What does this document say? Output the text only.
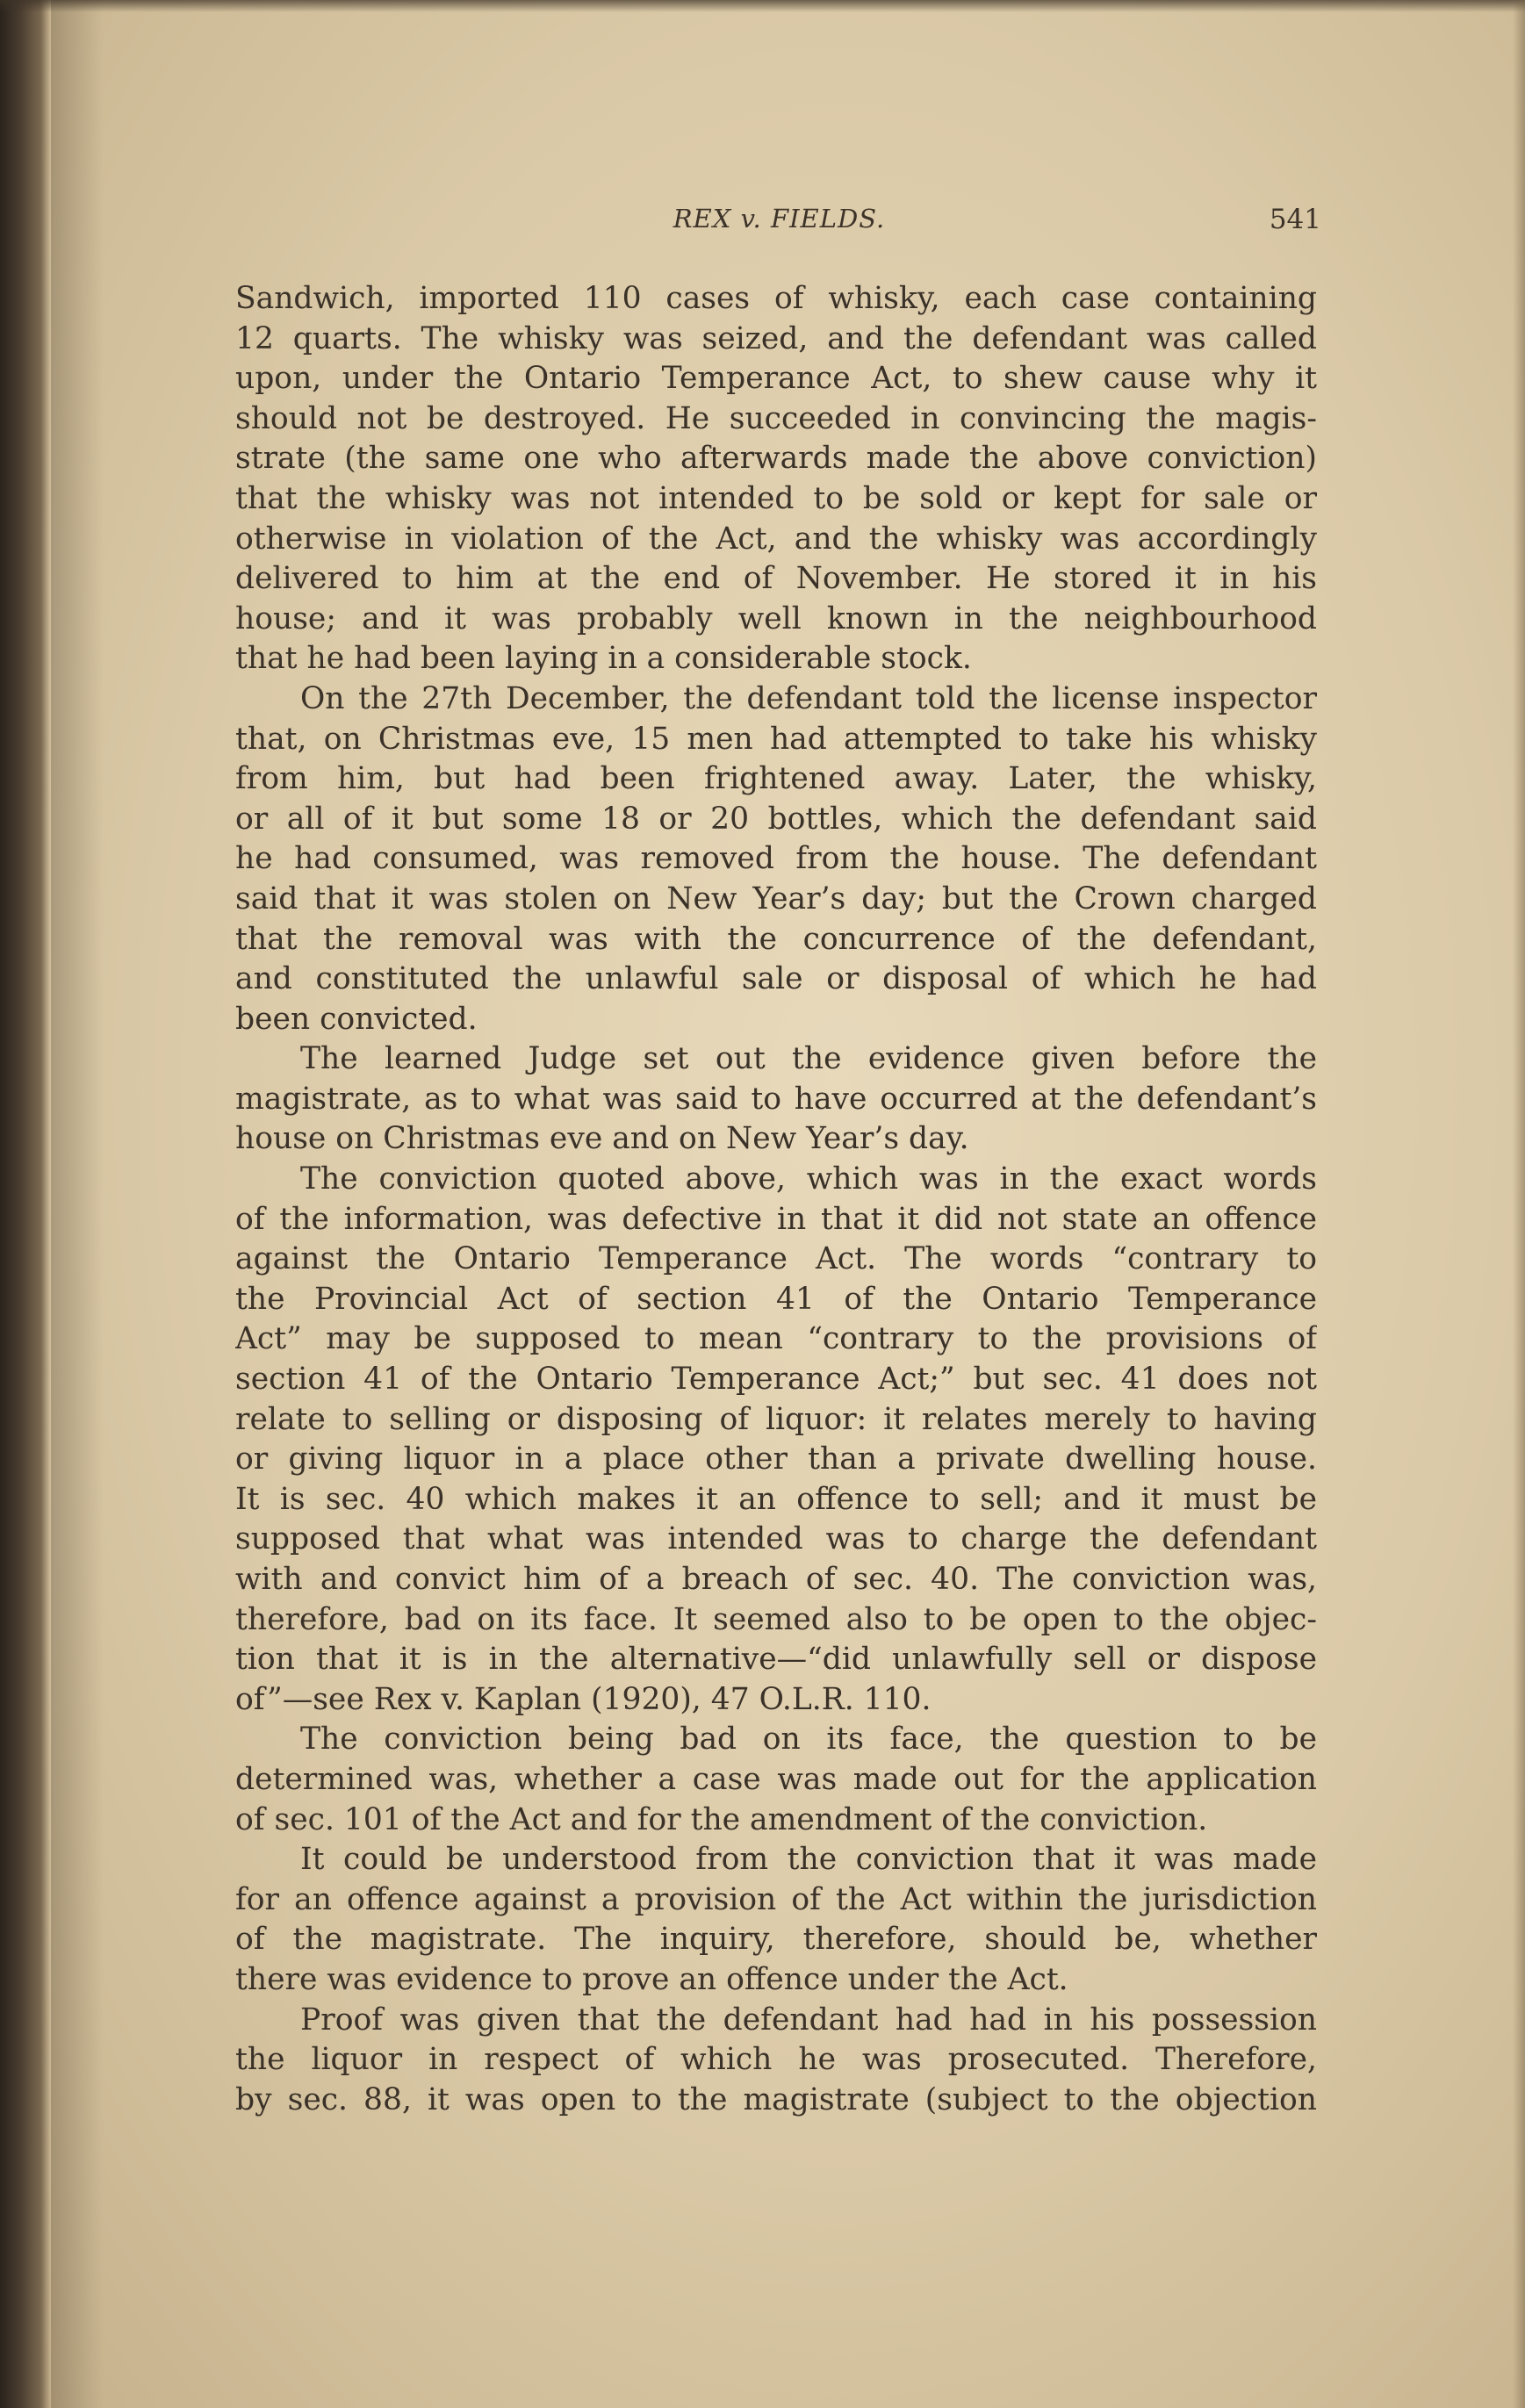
REX v. FIELDS.	541
Sandwich, imported 110 cases of whisky, each case containing
12 quarts. The whisky was seized, and the defendant was called
upon, under the Ontario Temperance Act, to shew cause why it
should not be destroyed. He succeeded in convincing the magis-
strate (the same one who afterwards made the above conviction)
that the whisky was not intended to be sold or kept for sale or
otherwise in violation of the Act, and the whisky was accordingly
delivered to him at the end of November. He stored it in his
house; and it was probably well known in the neighbourhood
that he had been laying in a considerable stock.
On the 27th December, the defendant told the license inspector
that, on Christmas eve, 15 men had attempted to take his whisky
from him, but had been frightened away. Later, the whisky,
or all of it but some 18 or 20 bottles, which the defendant said
he had consumed, was removed from the house. The defendant
said that it was stolen on New Year’s day; but the Crown charged
that the removal was with the concurrence of the defendant,
and constituted the unlawful sale or disposal of which he had
been convicted.
The learned Judge set out the evidence given before the
magistrate, as to what was said to have occurred at the defendant’s
house on Christmas eve and on New Year’s day.
The conviction quoted above, which was in the exact words
of the information, was defective in that it did not state an offence
against the Ontario Temperance Act. The words “contrary to
the Provincial Act of section 41 of the Ontario Temperance
Act” may be supposed to mean “contrary to the provisions of
section 41 of the Ontario Temperance Act;” but sec. 41 does not
relate to selling or disposing of liquor: it relates merely to having
or giving liquor in a place other than a private dwelling house.
It is sec. 40 which makes it an offence to sell; and it must be
supposed that what was intended was to charge the defendant
with and convict him of a breach of sec. 40. The conviction was,
therefore, bad on its face. It seemed also to be open to the objec-
tion that it is in the alternative—“did unlawfully sell or dispose
of”—see Rex v. Kaplan (1920), 47 O.L.R. 110.
The conviction being bad on its face, the question to be
determined was, whether a case was made out for the application
of sec. 101 of the Act and for the amendment of the conviction.
It could be understood from the conviction that it was made
for an offence against a provision of the Act within the jurisdiction
of the magistrate. The inquiry, therefore, should be, whether
there was evidence to prove an offence under the Act.
Proof was given that the defendant had had in his possession
the liquor in respect of which he was prosecuted. Therefore,
by sec. 88, it was open to the magistrate (subject to the objection
